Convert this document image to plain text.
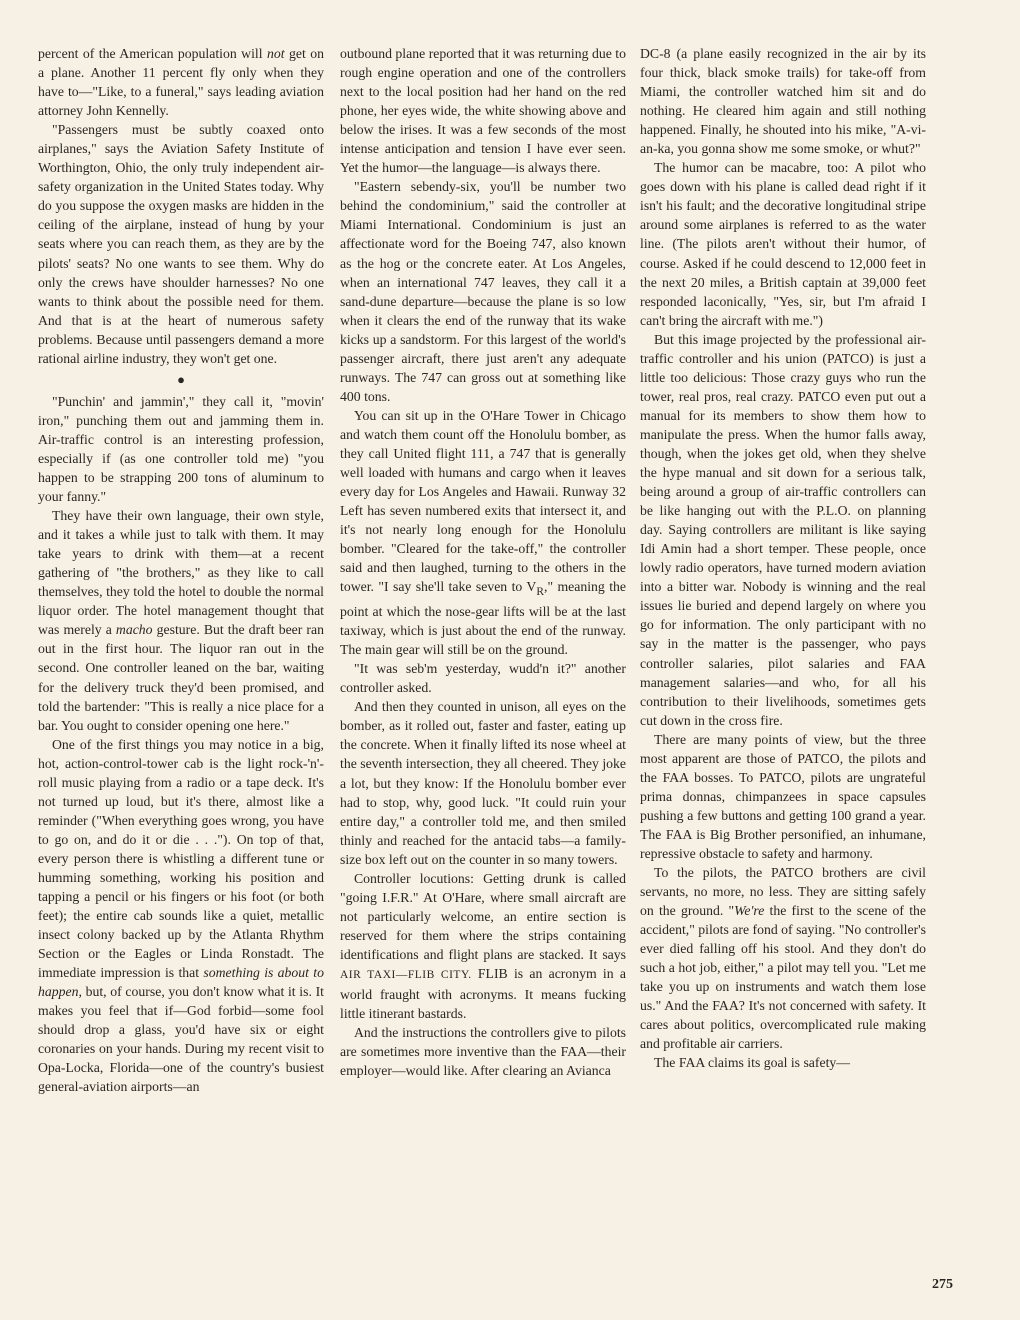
percent of the American population will not get on a plane. Another 11 percent fly only when they have to—"Like, to a funeral," says leading aviation attorney John Kennelly.

"Passengers must be subtly coaxed onto airplanes," says the Aviation Safety Institute of Worthington, Ohio, the only truly independent air-safety organization in the United States today. Why do you suppose the oxygen masks are hidden in the ceiling of the airplane, instead of hung by your seats where you can reach them, as they are by the pilots' seats? No one wants to see them. Why do only the crews have shoulder harnesses? No one wants to think about the possible need for them. And that is at the heart of numerous safety problems. Because until passengers demand a more rational airline industry, they won't get one.

●

"Punchin' and jammin'," they call it, "movin' iron," punching them out and jamming them in. Air-traffic control is an interesting profession, especially if (as one controller told me) "you happen to be strapping 200 tons of aluminum to your fanny."

They have their own language, their own style, and it takes a while just to talk with them. It may take years to drink with them—at a recent gathering of "the brothers," as they like to call themselves, they told the hotel to double the normal liquor order. The hotel management thought that was merely a macho gesture. But the draft beer ran out in the first hour. The liquor ran out in the second. One controller leaned on the bar, waiting for the delivery truck they'd been promised, and told the bartender: "This is really a nice place for a bar. You ought to consider opening one here."

One of the first things you may notice in a big, hot, action-control-tower cab is the light rock-'n'-roll music playing from a radio or a tape deck. It's not turned up loud, but it's there, almost like a reminder ("When everything goes wrong, you have to go on, and do it or die . . ."). On top of that, every person there is whistling a different tune or humming something, working his position and tapping a pencil or his fingers or his foot (or both feet); the entire cab sounds like a quiet, metallic insect colony backed up by the Atlanta Rhythm Section or the Eagles or Linda Ronstadt. The immediate impression is that something is about to happen, but, of course, you don't know what it is. It makes you feel that if—God forbid—some fool should drop a glass, you'd have six or eight coronaries on your hands. During my recent visit to Opa-Locka, Florida—one of the country's busiest general-aviation airports—an

outbound plane reported that it was returning due to rough engine operation and one of the controllers next to the local position had her hand on the red phone, her eyes wide, the white showing above and below the irises. It was a few seconds of the most intense anticipation and tension I have ever seen. Yet the humor—the language—is always there.

"Eastern sebendy-six, you'll be number two behind the condominium," said the controller at Miami International. Condominium is just an affectionate word for the Boeing 747, also known as the hog or the concrete eater. At Los Angeles, when an international 747 leaves, they call it a sand-dune departure—because the plane is so low when it clears the end of the runway that its wake kicks up a sandstorm. For this largest of the world's passenger aircraft, there just aren't any adequate runways. The 747 can gross out at something like 400 tons.

You can sit up in the O'Hare Tower in Chicago and watch them count off the Honolulu bomber, as they call United flight 111, a 747 that is generally well loaded with humans and cargo when it leaves every day for Los Angeles and Hawaii. Runway 32 Left has seven numbered exits that intersect it, and it's not nearly long enough for the Honolulu bomber. "Cleared for the take-off," the controller said and then laughed, turning to the others in the tower. "I say she'll take seven to $V_R$," meaning the point at which the nose-gear lifts will be at the last taxiway, which is just about the end of the runway. The main gear will still be on the ground.

"It was seb'm yesterday, wudd'n it?" another controller asked.

And then they counted in unison, all eyes on the bomber, as it rolled out, faster and faster, eating up the concrete. When it finally lifted its nose wheel at the seventh intersection, they all cheered. They joke a lot, but they know: If the Honolulu bomber ever had to stop, why, good luck. "It could ruin your entire day," a controller told me, and then smiled thinly and reached for the antacid tabs—a family-size box left out on the counter in so many towers.

Controller locutions: Getting drunk is called "going I.F.R." At O'Hare, where small aircraft are not particularly welcome, an entire section is reserved for them where the strips containing identifications and flight plans are stacked. It says AIR TAXI—FLIB CITY. FLIB is an acronym in a world fraught with acronyms. It means fucking little itinerant bastards.

And the instructions the controllers give to pilots are sometimes more inventive than the FAA—their employer—would like. After clearing an Avianca

DC-8 (a plane easily recognized in the air by its four thick, black smoke trails) for take-off from Miami, the controller watched him sit and do nothing. He cleared him again and still nothing happened. Finally, he shouted into his mike, "A-vi-an-ka, you gonna show me some smoke, or whut?"

The humor can be macabre, too: A pilot who goes down with his plane is called dead right if it isn't his fault; and the decorative longitudinal stripe around some airplanes is referred to as the water line. (The pilots aren't without their humor, of course. Asked if he could descend to 12,000 feet in the next 20 miles, a British captain at 39,000 feet responded laconically, "Yes, sir, but I'm afraid I can't bring the aircraft with me.")

But this image projected by the professional air-traffic controller and his union (PATCO) is just a little too delicious: Those crazy guys who run the tower, real pros, real crazy. PATCO even put out a manual for its members to show them how to manipulate the press. When the humor falls away, though, when the jokes get old, when they shelve the hype manual and sit down for a serious talk, being around a group of air-traffic controllers can be like hanging out with the P.L.O. on planning day. Saying controllers are militant is like saying Idi Amin had a short temper. These people, once lowly radio operators, have turned modern aviation into a bitter war. Nobody is winning and the real issues lie buried and depend largely on where you go for information. The only participant with no say in the matter is the passenger, who pays controller salaries, pilot salaries and FAA management salaries—and who, for all his contribution to their livelihoods, sometimes gets cut down in the cross fire.

There are many points of view, but the three most apparent are those of PATCO, the pilots and the FAA bosses. To PATCO, pilots are ungrateful prima donnas, chimpanzees in space capsules pushing a few buttons and getting 100 grand a year. The FAA is Big Brother personified, an inhumane, repressive obstacle to safety and harmony.

To the pilots, the PATCO brothers are civil servants, no more, no less. They are sitting safely on the ground. "We're the first to the scene of the accident," pilots are fond of saying. "No controller's ever died falling off his stool. And they don't do such a hot job, either," a pilot may tell you. "Let me take you up on instruments and watch them lose us." And the FAA? It's not concerned with safety. It cares about politics, overcomplicated rule making and profitable air carriers.

The FAA claims its goal is safety—

275
